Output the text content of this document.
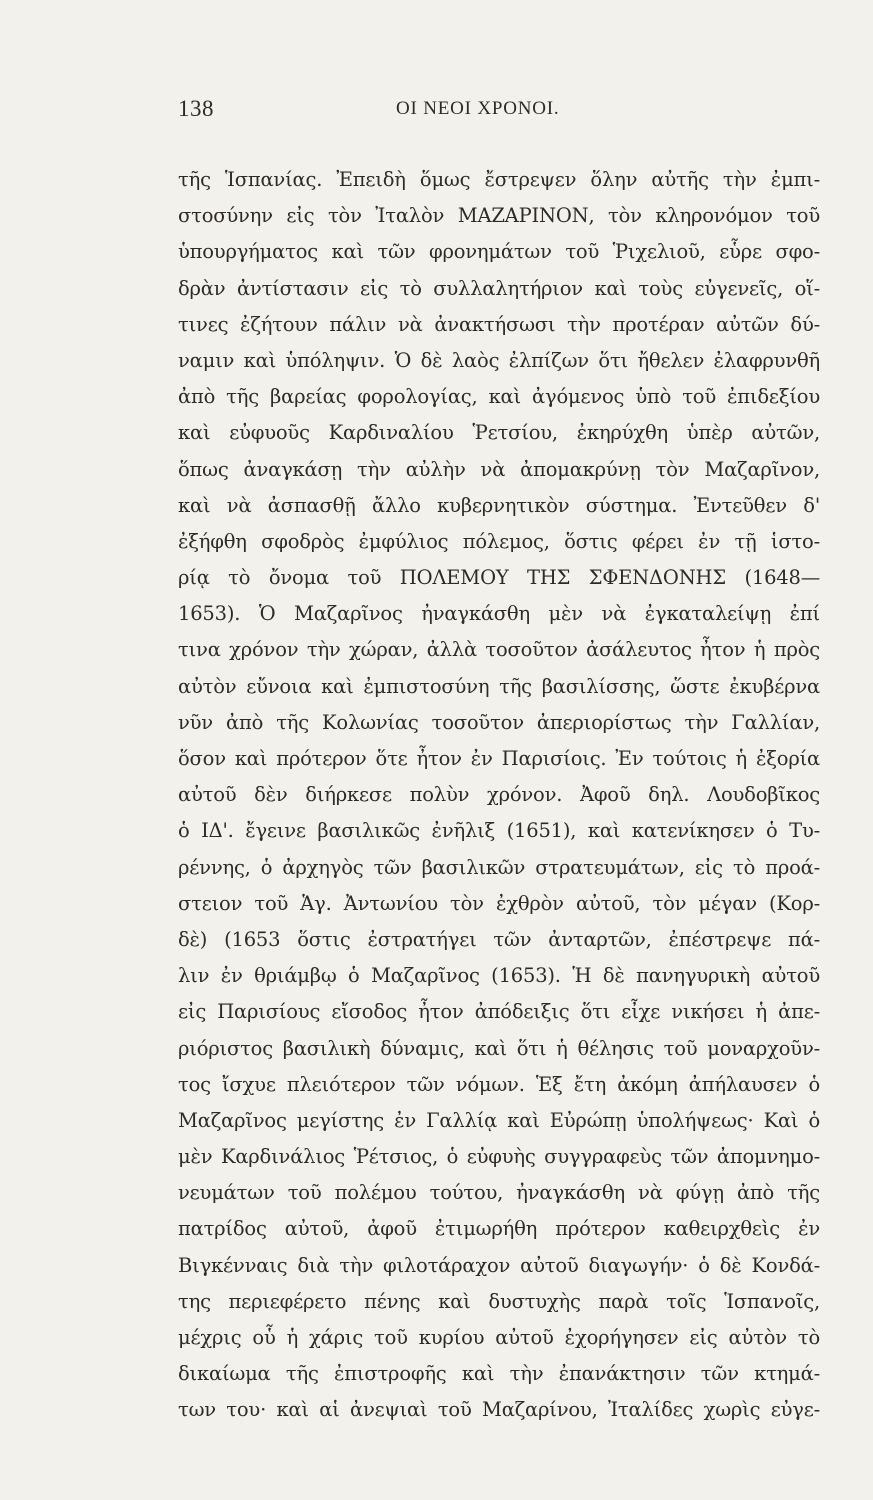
138	ΟΙ ΝΕΟΙ ΧΡΟΝΟΙ.
τῆς Ἱσπανίας. Ἐπειδὴ ὅμως ἔστρεψεν ὅλην αὐτῆς τὴν ἐμπι-
στοσύνην εἰς τὸν Ἰταλὸν ΜΑΖΑΡΙΝΟΝ, τὸν κληρονόμον τοῦ
ὑπουργήματος καὶ τῶν φρονημάτων τοῦ Ῥιχελιοῦ, εὗρε σφο-
δρὰν ἀντίστασιν εἰς τὸ συλλαλητήριον καὶ τοὺς εὐγενεῖς, οἵ-
τινες ἐζήτουν πάλιν νὰ ἀνακτήσωσι τὴν προτέραν αὐτῶν δύ-
ναμιν καὶ ὑπόληψιν. Ὁ δὲ λαὸς ἐλπίζων ὅτι ἤθελεν ἐλαφρυνθῆ
ἀπὸ τῆς βαρείας φορολογίας, καὶ ἀγόμενος ὑπὸ τοῦ ἐπιδεξίου
καὶ εὐφυοῦς Καρδιναλίου Ῥετσίου, ἐκηρύχθη ὑπὲρ αὐτῶν,
ὅπως ἀναγκάσῃ τὴν αὐλὴν νὰ ἀπομακρύνῃ τὸν Μαζαρῖνον,
καὶ νὰ ἀσπασθῇ ἄλλο κυβερνητικὸν σύστημα. Ἐντεῦθεν δ'
ἐξήφθη σφοδρὸς ἐμφύλιος πόλεμος, ὅστις φέρει ἐν τῇ ἱστο-
ρίᾳ τὸ ὄνομα τοῦ ΠΟΛΕΜΟΥ ΤΗΣ ΣΦΕΝΔΟΝΗΣ (1648—
1653). Ὁ Μαζαρῖνος ἠναγκάσθη μὲν νὰ ἐγκαταλείψῃ ἐπί
τινα χρόνον τὴν χώραν, ἀλλὰ τοσοῦτον ἀσάλευτος ἦτον ἡ πρὸς
αὐτὸν εὔνοια καὶ ἐμπιστοσύνη τῆς βασιλίσσης, ὥστε ἐκυβέρνα
νῦν ἀπὸ τῆς Κολωνίας τοσοῦτον ἀπεριορίστως τὴν Γαλλίαν,
ὅσον καὶ πρότερον ὅτε ἦτον ἐν Παρισίοις. Ἐν τούτοις ἡ ἐξορία
αὐτοῦ δὲν διήρκεσε πολὺν χρόνον. Ἀφοῦ δηλ. Λουδοβῖκος
ὁ ΙΔ'. ἔγεινε βασιλικῶς ἐνῆλιξ (1651), καὶ κατενίκησεν ὁ Τυ-
ρέννης, ὁ ἀρχηγὸς τῶν βασιλικῶν στρατευμάτων, εἰς τὸ προά-
στειον τοῦ Ἁγ. Ἀντωνίου τὸν ἐχθρὸν αὐτοῦ, τὸν μέγαν (Κορ-
δὲ) (1653 ὅστις ἐστρατήγει τῶν ἀνταρτῶν, ἐπέστρεψε πά-
λιν ἐν θριάμβῳ ὁ Μαζαρῖνος (1653). Ἡ δὲ πανηγυρικὴ αὐτοῦ
εἰς Παρισίους εἴσοδος ἦτον ἀπόδειξις ὅτι εἶχε νικήσει ἡ ἀπε-
ριόριστος βασιλικὴ δύναμις, καὶ ὅτι ἡ θέλησις τοῦ μοναρχοῦν-
τος ἴσχυε πλειότερον τῶν νόμων. Ἑξ ἔτη ἀκόμη ἀπήλαυσεν ὁ
Μαζαρῖνος μεγίστης ἐν Γαλλίᾳ καὶ Εὐρώπῃ ὑπολήψεως· Καὶ ὁ
μὲν Καρδινάλιος Ῥέτσιος, ὁ εὐφυὴς συγγραφεὺς τῶν ἀπομνημο-
νευμάτων τοῦ πολέμου τούτου, ἠναγκάσθη νὰ φύγῃ ἀπὸ τῆς
πατρίδος αὐτοῦ, ἀφοῦ ἐτιμωρήθη πρότερον καθειρχθεὶς ἐν
Βιγκένναις διὰ τὴν φιλοτάραχον αὐτοῦ διαγωγήν· ὁ δὲ Κονδά-
της περιεφέρετο πένης καὶ δυστυχὴς παρὰ τοῖς Ἱσπανοῖς,
μέχρις οὗ ἡ χάρις τοῦ κυρίου αὐτοῦ ἐχορήγησεν εἰς αὐτὸν τὸ
δικαίωμα τῆς ἐπιστροφῆς καὶ τὴν ἐπανάκτησιν τῶν κτημά-
των του· καὶ αἱ ἀνεψιαὶ τοῦ Μαζαρίνου, Ἰταλίδες χωρὶς εὐγε-
